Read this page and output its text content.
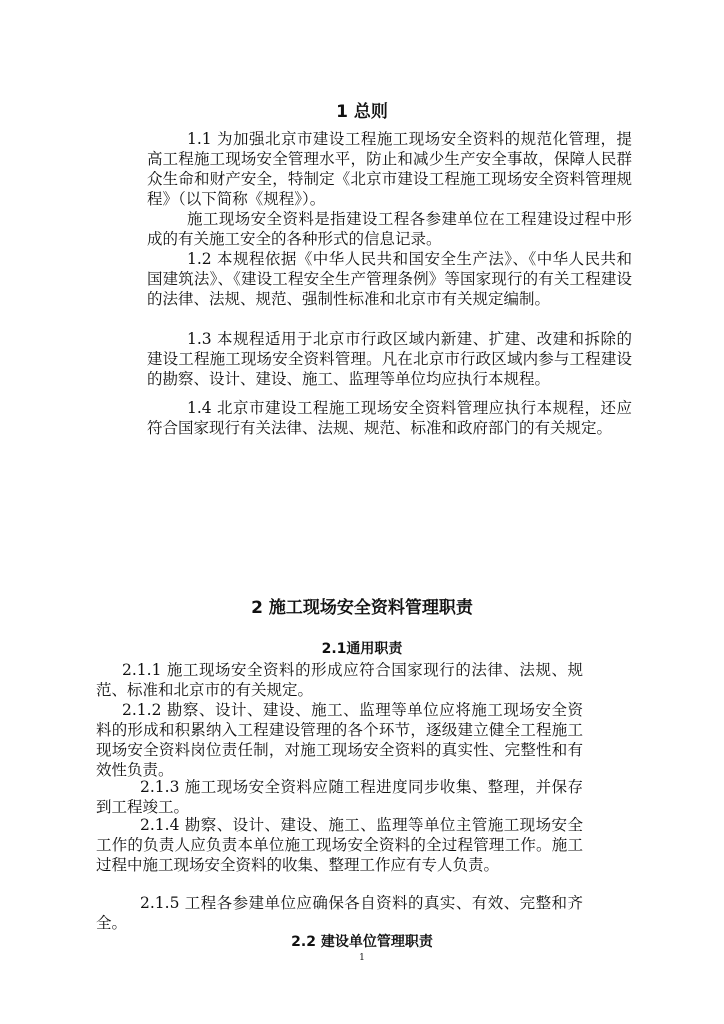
1 总则

1.1 为加强北京市建设工程施工现场安全资料的规范化管理，提高工程施工现场安全管理水平，防止和减少生产安全事故，保障人民群众生命和财产安全，特制定《北京市建设工程施工现场安全资料管理规程》（以下简称《规程》）。

施工现场安全资料是指建设工程各参建单位在工程建设过程中形成的有关施工安全的各种形式的信息记录。

1.2 本规程依据《中华人民共和国安全生产法》、《中华人民共和国建筑法》、《建设工程安全生产管理条例》等国家现行的有关工程建设的法律、法规、规范、强制性标准和北京市有关规定编制。

1.3 本规程适用于北京市行政区域内新建、扩建、改建和拆除的建设工程施工现场安全资料管理。凡在北京市行政区域内参与工程建设的勘察、设计、建设、施工、监理等单位均应执行本规程。

1.4 北京市建设工程施工现场安全资料管理应执行本规程，还应符合国家现行有关法律、法规、规范、标准和政府部门的有关规定。

2 施工现场安全资料管理职责
2.1通用职责

2.1.1 施工现场安全资料的形成应符合国家现行的法律、法规、规范、标准和北京市的有关规定。

2.1.2 勘察、设计、建设、施工、监理等单位应将施工现场安全资料的形成和积累纳入工程建设管理的各个环节，逐级建立健全工程施工现场安全资料岗位责任制，对施工现场安全资料的真实性、完整性和有效性负责。

2.1.3 施工现场安全资料应随工程进度同步收集、整理，并保存到工程竣工。

2.1.4 勘察、设计、建设、施工、监理等单位主管施工现场安全工作的负责人应负责本单位施工现场安全资料的全过程管理工作。施工过程中施工现场安全资料的收集、整理工作应有专人负责。

2.1.5 工程各参建单位应确保各自资料的真实、有效、完整和齐全。

2.2 建设单位管理职责
1
